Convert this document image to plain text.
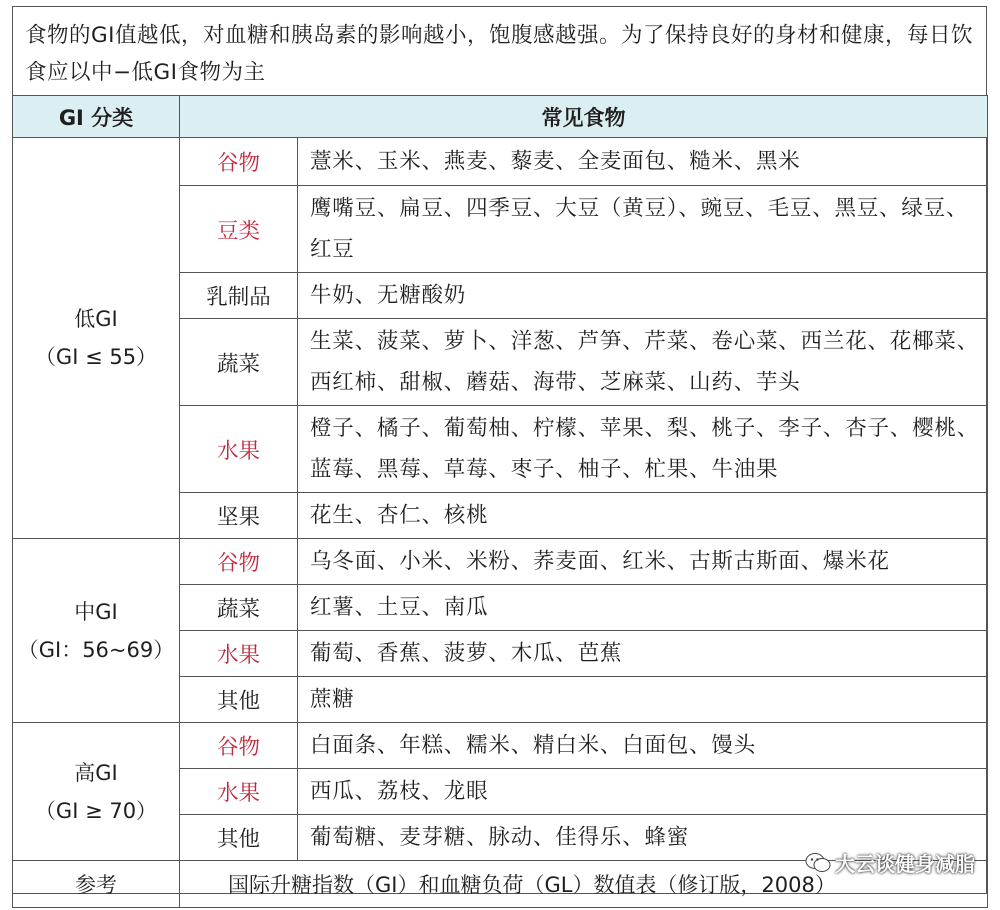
食物的GI值越低，对血糖和胰岛素的影响越小，饱腹感越强。为了保持良好的身材和健康，每日饮食应以中−低GI食物为主
GI 分类	常见食物	

低GI
（GI ≤ 55）	谷物	薏米、玉米、燕麦、藜麦、全麦面包、糙米、黑米
	豆类	鹰嘴豆、扁豆、四季豆、大豆（黄豆）、豌豆、毛豆、黑豆、绿豆、红豆
	乳制品	牛奶、无糖酸奶
	蔬菜	生菜、菠菜、萝卜、洋葱、芦笋、芹菜、卷心菜、西兰花、花椰菜、西红柿、甜椒、蘑菇、海带、芝麻菜、山药、芋头
	水果	橙子、橘子、葡萄柚、柠檬、苹果、梨、桃子、李子、杏子、樱桃、蓝莓、黑莓、草莓、枣子、柚子、杧果、牛油果
	坚果	花生、杏仁、核桃

中GI
（GI：56~69）	谷物	乌冬面、小米、米粉、荞麦面、红米、古斯古斯面、爆米花
	蔬菜	红薯、土豆、南瓜
	水果	葡萄、香蕉、菠萝、木瓜、芭蕉
	其他	蔗糖

高GI
（GI ≥ 70）	谷物	白面条、年糕、糯米、精白米、白面包、馒头
	水果	西瓜、荔枝、龙眼
	其他	葡萄糖、麦芽糖、脉动、佳得乐、蜂蜜
参考	国际升糖指数（GI）和血糖负荷（GL）数值表（修订版，2008）	
大云谈健身减脂
